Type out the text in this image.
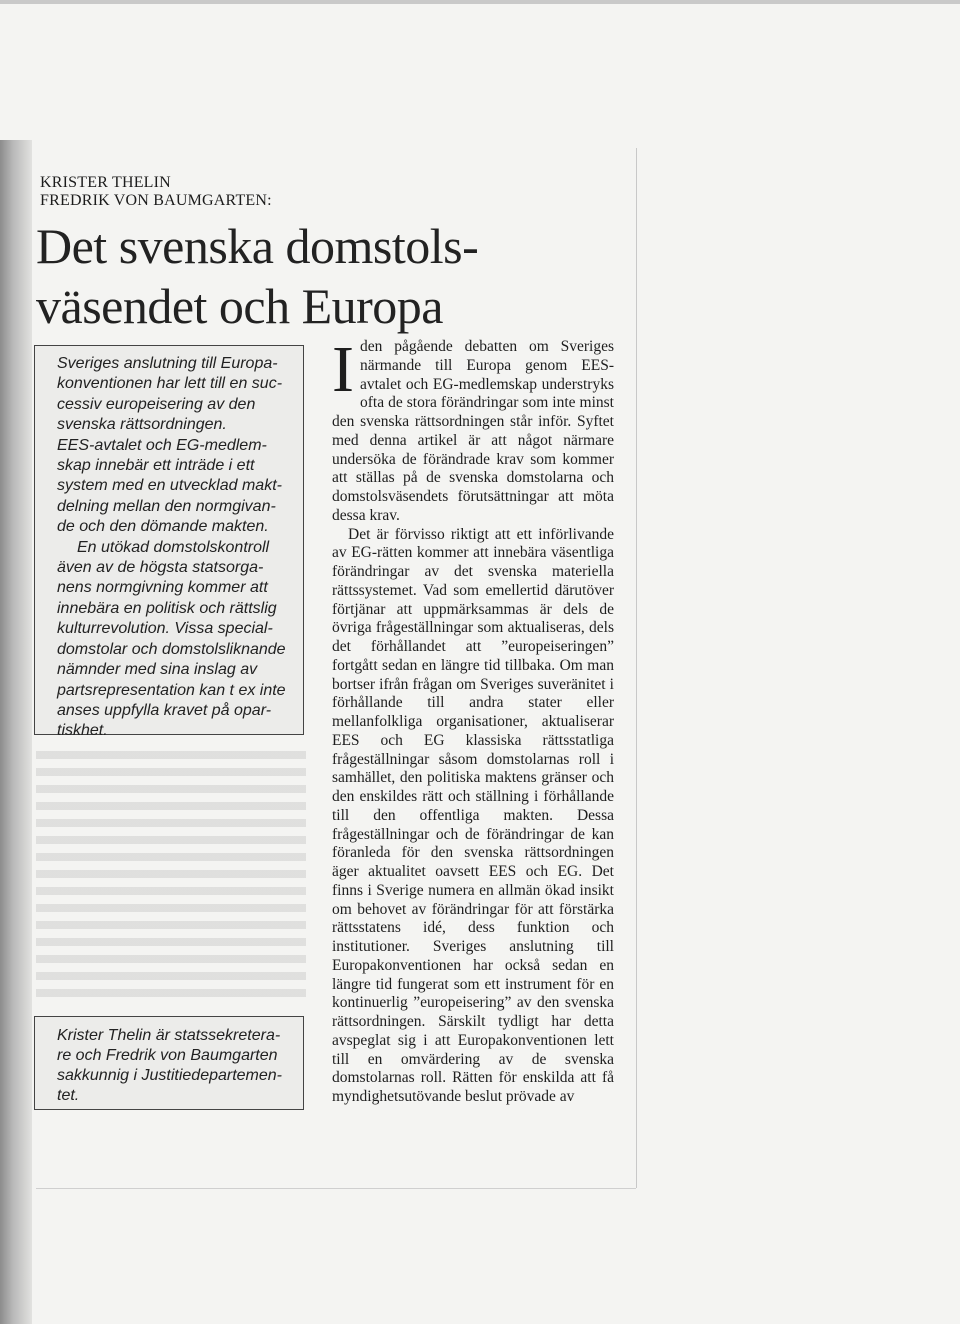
KRISTER THELIN
FREDRIK VON BAUMGARTEN:
Det svenska domstols-
väsendet och Europa
Sveriges anslutning till Europa-
konventionen har lett till en suc-
cessiv europeisering av den
svenska rättsordningen.
EES-avtalet och EG-medlem-
skap innebär ett inträde i ett
system med en utvecklad makt-
delning mellan den normgivan-
de och den dömande makten.
En utökad domstolskontroll
även av de högsta statsorga-
nens normgivning kommer att
innebära en politisk och rättslig
kulturrevolution. Vissa special-
domstolar och domstolsliknande
nämnder med sina inslag av
partsrepresentation kan t ex inte
anses uppfylla kravet på opar-
tiskhet.
Krister Thelin är statssekretera-
re och Fredrik von Baumgarten
sakkunnig i Justitiedepartemen-
tet.

I den pågående debatten om Sveriges närmande till Europa genom EES-avtalet och EG-medlemskap understryks ofta de stora förändringar som inte minst den svenska rättsordningen står inför. Syftet med denna artikel är att något närmare undersöka de förändrade krav som kommer att ställas på de svenska domstolarna och domstolsväsendets förutsättningar att möta dessa krav.

Det är förvisso riktigt att ett införlivande av EG-rätten kommer att innebära väsentliga förändringar av det svenska materiella rättssystemet. Vad som emellertid därutöver förtjänar att uppmärksammas är dels de övriga frågeställningar som aktualiseras, dels det förhållandet att ”europeiseringen” fortgått sedan en längre tid tillbaka. Om man bortser ifrån frågan om Sveriges suveränitet i förhållande till andra stater eller mellanfolkliga organisationer, aktualiserar EES och EG klassiska rättsstatliga frågeställningar såsom domstolarnas roll i samhället, den politiska maktens gränser och den enskildes rätt och ställning i förhållande till den offentliga makten. Dessa frågeställningar och de förändringar de kan föranleda för den svenska rättsordningen äger aktualitet oavsett EES och EG. Det finns i Sverige numera en allmän ökad insikt om behovet av förändringar för att förstärka rättsstatens idé, dess funktion och institutioner. Sveriges anslutning till Europakonventionen har också sedan en längre tid fungerat som ett instrument för en kontinuerlig ”europeisering” av den svenska rättsordningen. Särskilt tydligt har detta avspeglat sig i att Europakonventionen lett till en omvärdering av de svenska domstolarnas roll. Rätten för enskilda att få myndighetsutövande beslut prövade av
